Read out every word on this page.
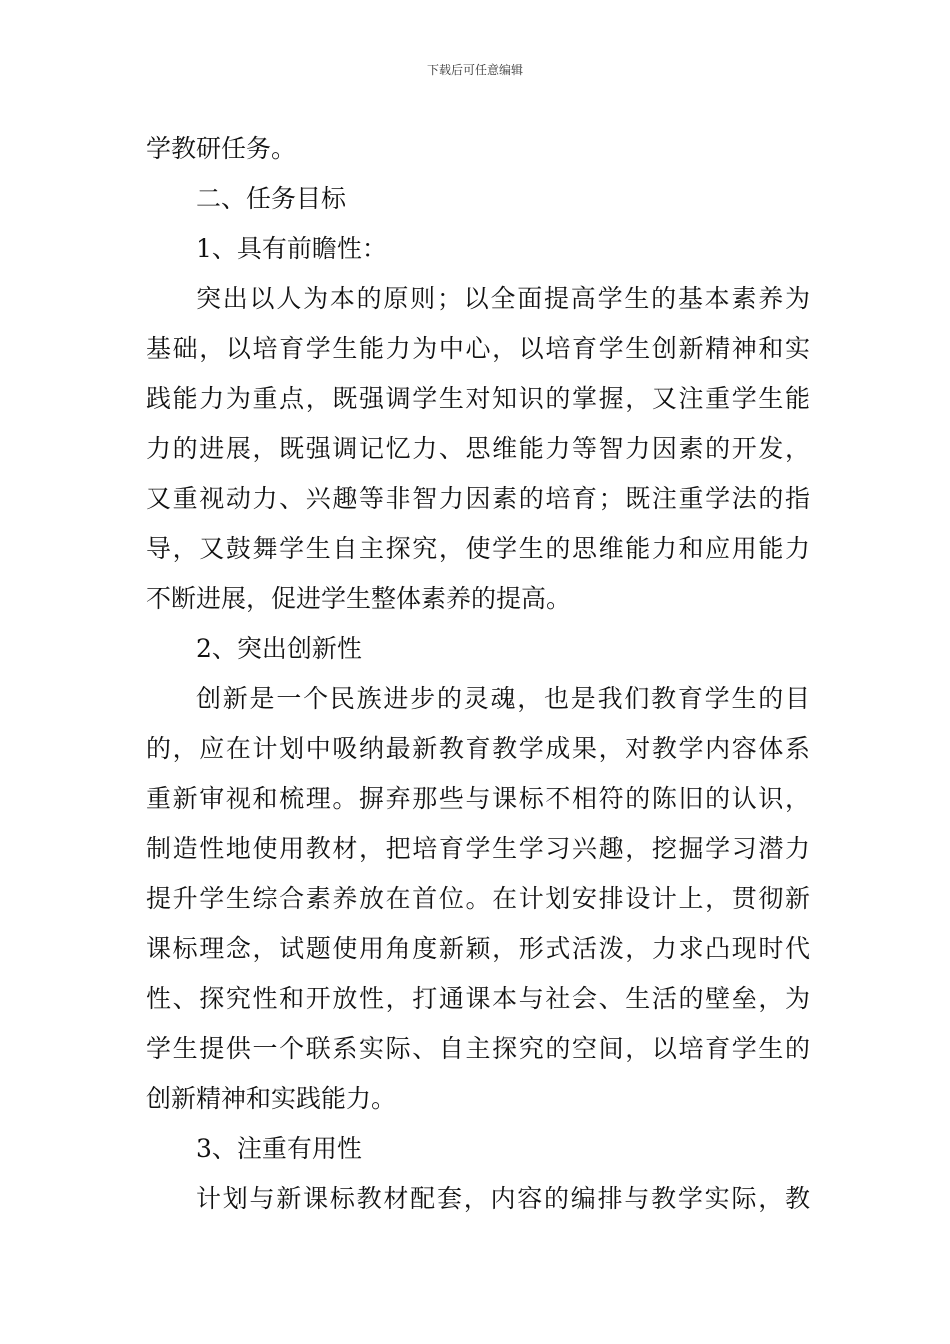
下载后可任意编辑
学教研任务。
二、任务目标
1、具有前瞻性：
突出以人为本的原则；以全面提高学生的基本素养为
基础，以培育学生能力为中心，以培育学生创新精神和实
践能力为重点，既强调学生对知识的掌握，又注重学生能
力的进展，既强调记忆力、思维能力等智力因素的开发，
又重视动力、兴趣等非智力因素的培育；既注重学法的指
导，又鼓舞学生自主探究，使学生的思维能力和应用能力
不断进展，促进学生整体素养的提高。
2、突出创新性
创新是一个民族进步的灵魂，也是我们教育学生的目
的，应在计划中吸纳最新教育教学成果，对教学内容体系
重新审视和梳理。摒弃那些与课标不相符的陈旧的认识，
制造性地使用教材，把培育学生学习兴趣，挖掘学习潜力
提升学生综合素养放在首位。在计划安排设计上，贯彻新
课标理念，试题使用角度新颖，形式活泼，力求凸现时代
性、探究性和开放性，打通课本与社会、生活的壁垒，为
学生提供一个联系实际、自主探究的空间，以培育学生的
创新精神和实践能力。
3、注重有用性
计划与新课标教材配套，内容的编排与教学实际，教
